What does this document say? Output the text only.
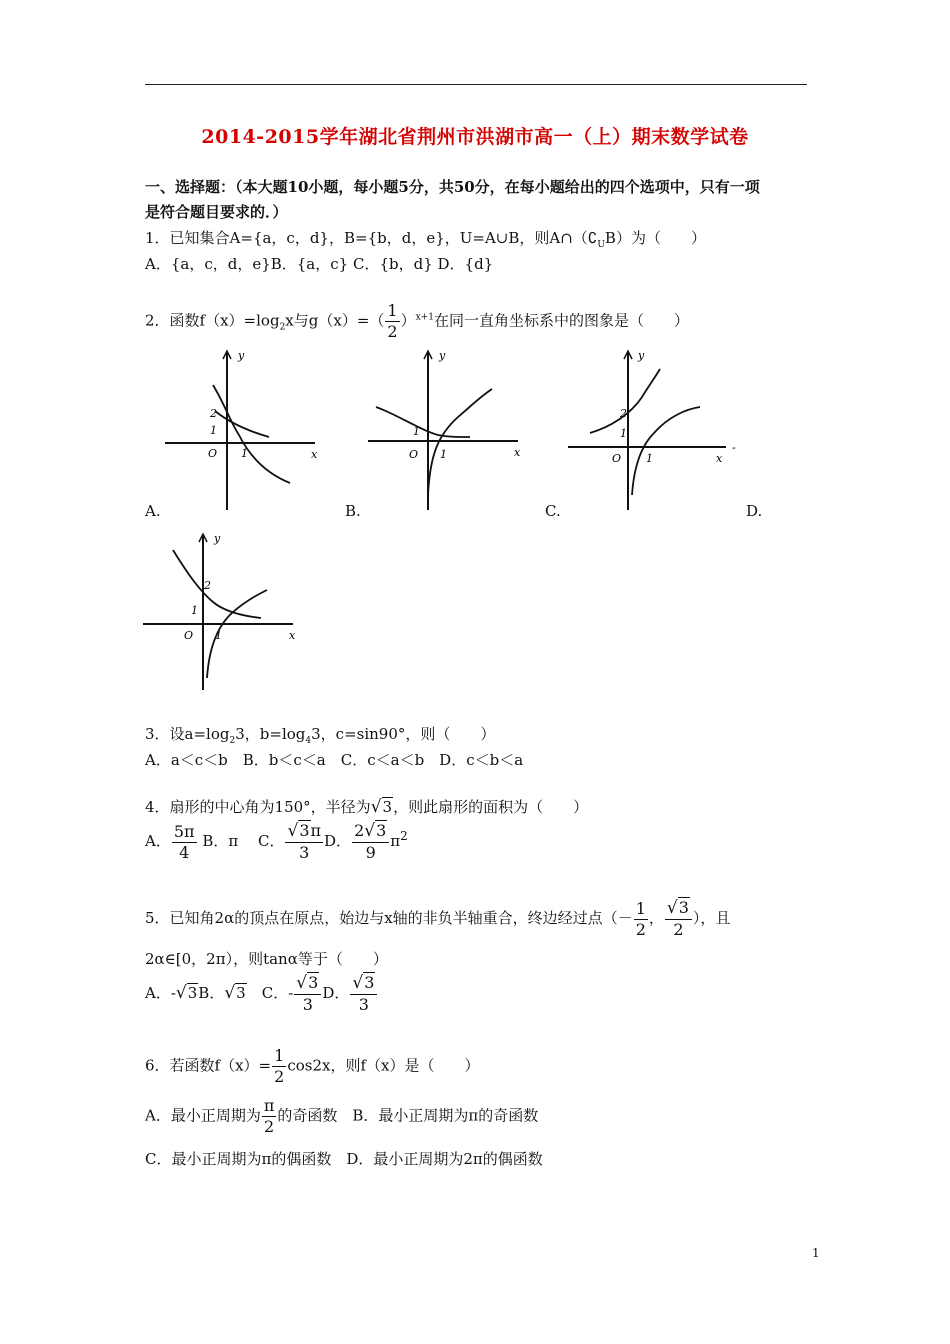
2014-2015学年湖北省荆州市洪湖市高一（上）期末数学试卷
一、选择题：（本大题10小题，每小题5分，共50分，在每小题给出的四个选项中，只有一项
是符合题目要求的．）
1．已知集合A={a，c，d}，B={b，d，e}，U=A∪B，则$A\cap(∁_UB)$为（　　）
A．{a，c，d，e}B．{a，c} C．{b，d} D．{d}
2．函数$f(x)=\log_2x$与$g(x)=( \frac{1}{2} )^{x+1}$在同一直角坐标系中的图象是（　　）
y
x
O
2
1
1
y
x
O
1
1
y
x
-
O
2
1
1
A.	B.	C.	D.
y
x
O
2
1
1
3．设$a=\log_23$，$b=\log_43$，c=sin90°，则（　　）
A．a＜c＜b　B．b＜c＜a　C．c＜a＜b　D．c＜b＜a
4．扇形的中心角为150°，半径为√3，则此扇形的面积为（　　）
A． $\frac{5\pi}{4}$ B．π　 C． $\frac{√3\pi}{3}$ D． $\frac{2√3}{9} \pi^2$
5．已知角2α的顶点在原点，始边与x轴的非负半轴重合，终边经过点（－ $\frac{1}{2}$ ， $\frac{√3}{2}$ ），且
2α∈[0，2π），则tanα等于（　　）
A．-√3B．√3　 C．- $\frac{√3}{3}$ D． $\frac{√3}{3}$
6．若函数$f(x)= \frac{1}{2} \cos 2x$，则f（x）是（　　）
A．最小正周期为 $\frac{\pi}{2}$ 的奇函数　B．最小正周期为π的奇函数
C．最小正周期为π的偶函数　D．最小正周期为2π的偶函数
1
